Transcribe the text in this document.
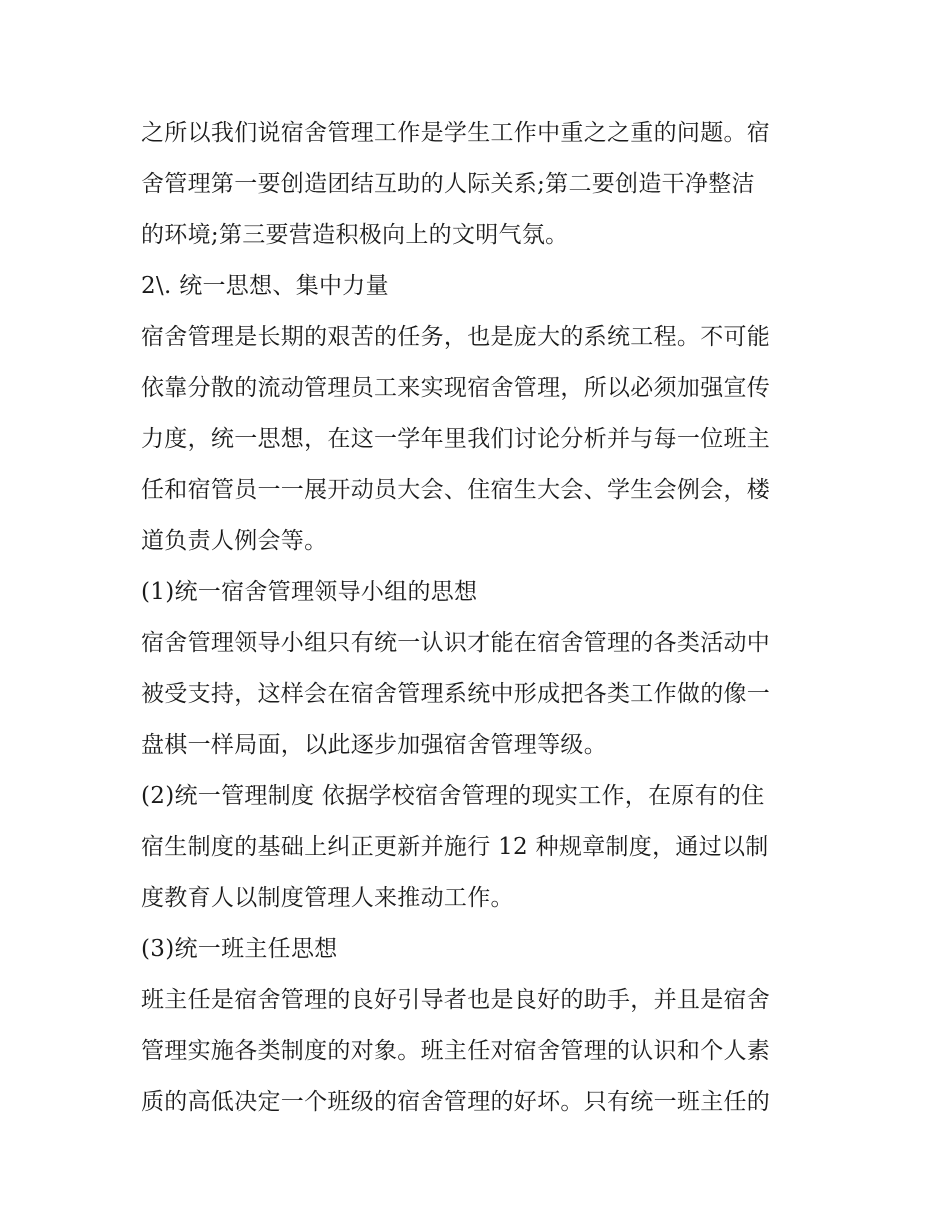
之所以我们说宿舍管理工作是学生工作中重之之重的问题。宿
舍管理第一要创造团结互助的人际关系;第二要创造干净整洁
的环境;第三要营造积极向上的文明气氛。
2\. 统一思想、集中力量
宿舍管理是长期的艰苦的任务，也是庞大的系统工程。不可能
依靠分散的流动管理员工来实现宿舍管理，所以必须加强宣传
力度，统一思想，在这一学年里我们讨论分析并与每一位班主
任和宿管员一一展开动员大会、住宿生大会、学生会例会，楼
道负责人例会等。
(1)统一宿舍管理领导小组的思想
宿舍管理领导小组只有统一认识才能在宿舍管理的各类活动中
被受支持，这样会在宿舍管理系统中形成把各类工作做的像一
盘棋一样局面，以此逐步加强宿舍管理等级。
(2)统一管理制度 依据学校宿舍管理的现实工作，在原有的住
宿生制度的基础上纠正更新并施行 12 种规章制度，通过以制
度教育人以制度管理人来推动工作。
(3)统一班主任思想
班主任是宿舍管理的良好引导者也是良好的助手，并且是宿舍
管理实施各类制度的对象。班主任对宿舍管理的认识和个人素
质的高低决定一个班级的宿舍管理的好坏。只有统一班主任的
